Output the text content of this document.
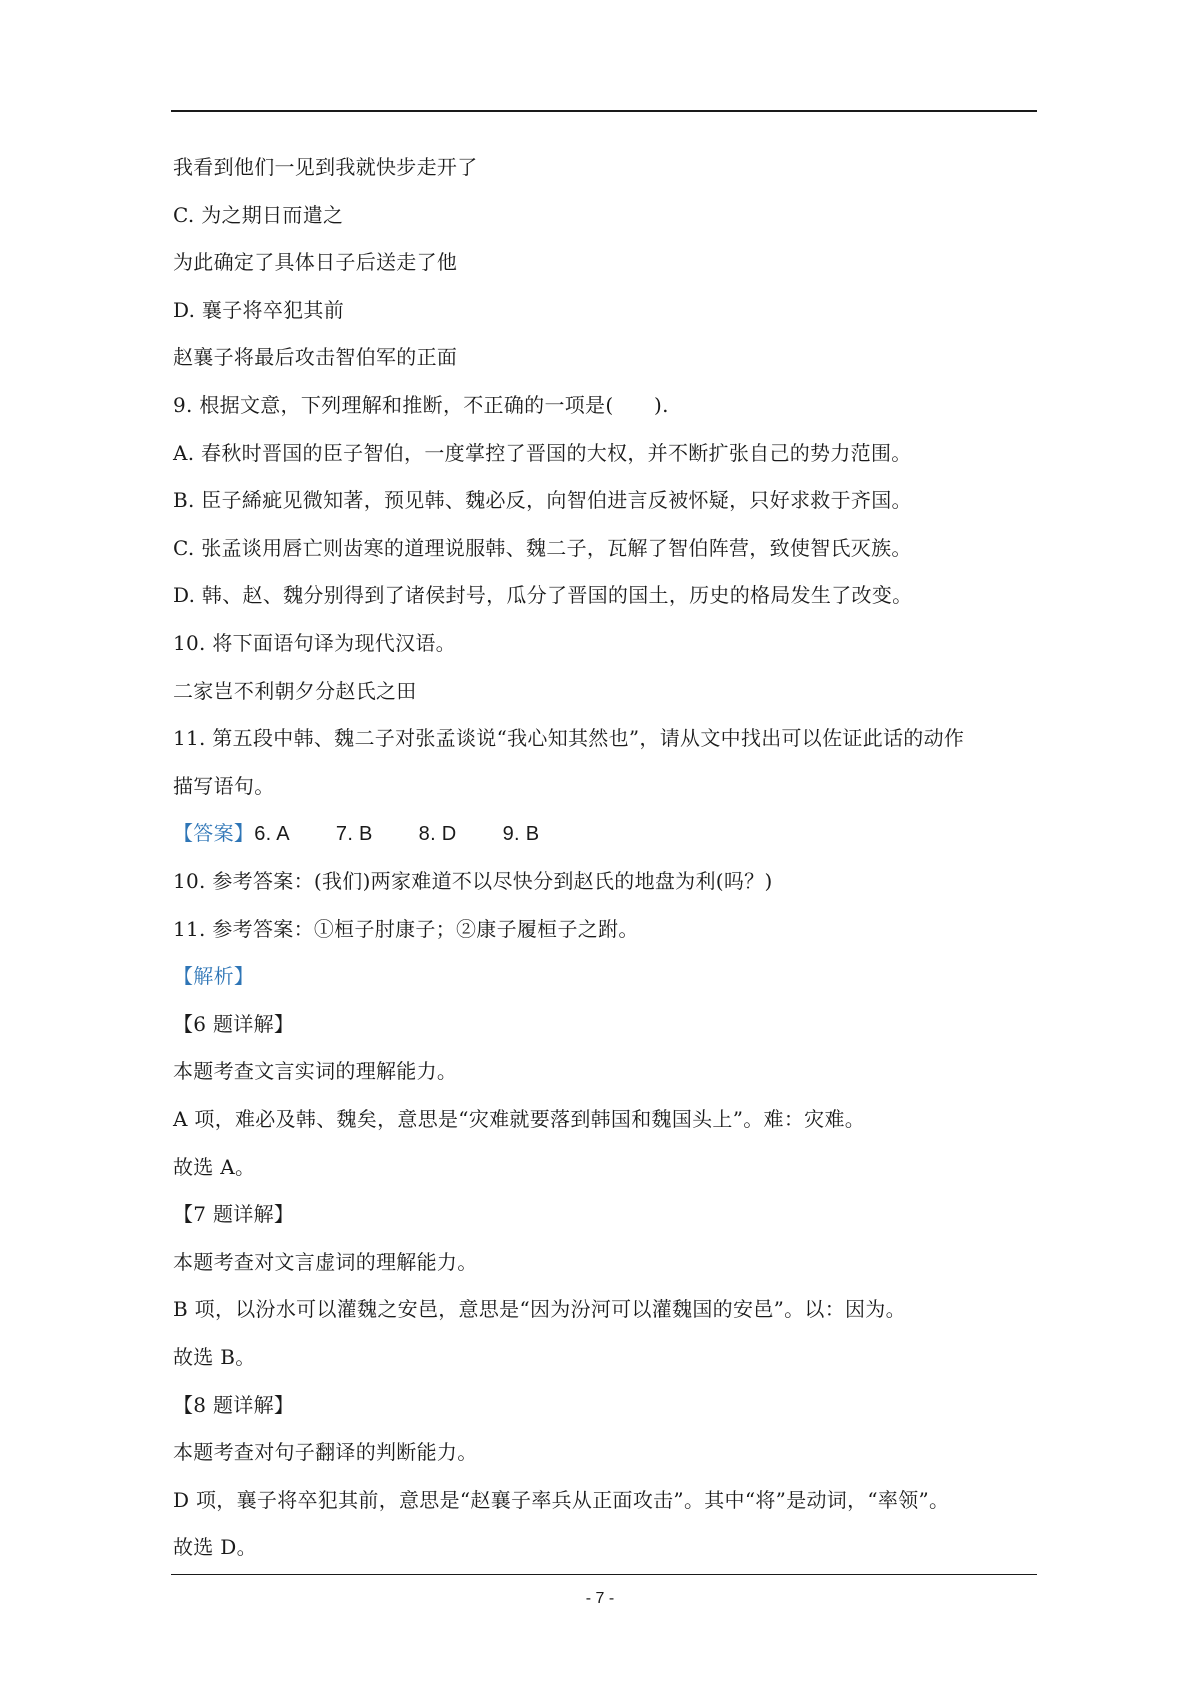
我看到他们一见到我就快步走开了
C. 为之期日而遣之
为此确定了具体日子后送走了他
D. 襄子将卒犯其前
赵襄子将最后攻击智伯军的正面
9. 根据文意，下列理解和推断，不正确的一项是(　　).
A. 春秋时晋国的臣子智伯，一度掌控了晋国的大权，并不断扩张自己的势力范围。
B. 臣子絺疵见微知著，预见韩、魏必反，向智伯进言反被怀疑，只好求救于齐国。
C. 张孟谈用唇亡则齿寒的道理说服韩、魏二子，瓦解了智伯阵营，致使智氏灭族。
D. 韩、赵、魏分别得到了诸侯封号，瓜分了晋国的国土，历史的格局发生了改变。
10. 将下面语句译为现代汉语。
二家岂不利朝夕分赵氏之田
11. 第五段中韩、魏二子对张孟谈说“我心知其然也”，请从文中找出可以佐证此话的动作
描写语句。
【答案】6. A 7. B 8. D 9. B
10. 参考答案：(我们)两家难道不以尽快分到赵氏的地盘为利(吗？)
11. 参考答案：①桓子肘康子；②康子履桓子之跗。
【解析】
【6 题详解】
本题考查文言实词的理解能力。
A 项，难必及韩、魏矣，意思是“灾难就要落到韩国和魏国头上”。难：灾难。
故选 A。
【7 题详解】
本题考查对文言虚词的理解能力。
B 项，以汾水可以灌魏之安邑，意思是“因为汾河可以灌魏国的安邑”。以：因为。
故选 B。
【8 题详解】
本题考查对句子翻译的判断能力。
D 项，襄子将卒犯其前，意思是“赵襄子率兵从正面攻击”。其中“将”是动词，“率领”。
故选 D。
- 7 -
